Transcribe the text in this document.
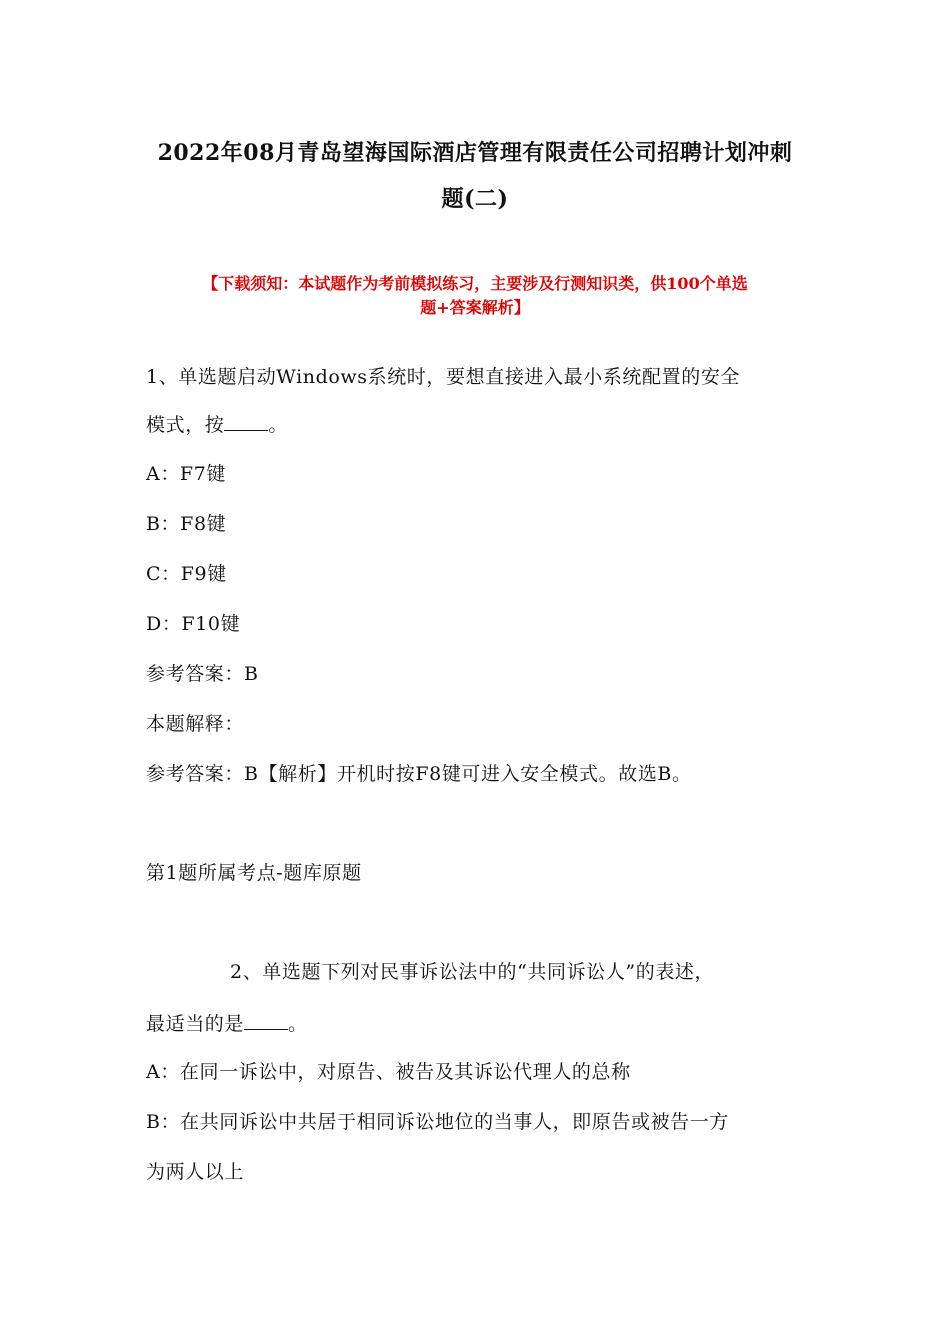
2022年08月青岛望海国际酒店管理有限责任公司招聘计划冲刺
题(二)
【下载须知：本试题作为考前模拟练习，主要涉及行测知识类，供100个单选
题+答案解析】
1、单选题启动Windows系统时，要想直接进入最小系统配置的安全
模式，按 。
A：F7键
B：F8键
C：F9键
D：F10键
参考答案：B
本题解释：
参考答案：B【解析】开机时按F8键可进入安全模式。故选B。
第1题所属考点-题库原题
2、单选题下列对民事诉讼法中的“共同诉讼人”的表述，
最适当的是 。
A：在同一诉讼中，对原告、被告及其诉讼代理人的总称
B：在共同诉讼中共居于相同诉讼地位的当事人，即原告或被告一方
为两人以上
